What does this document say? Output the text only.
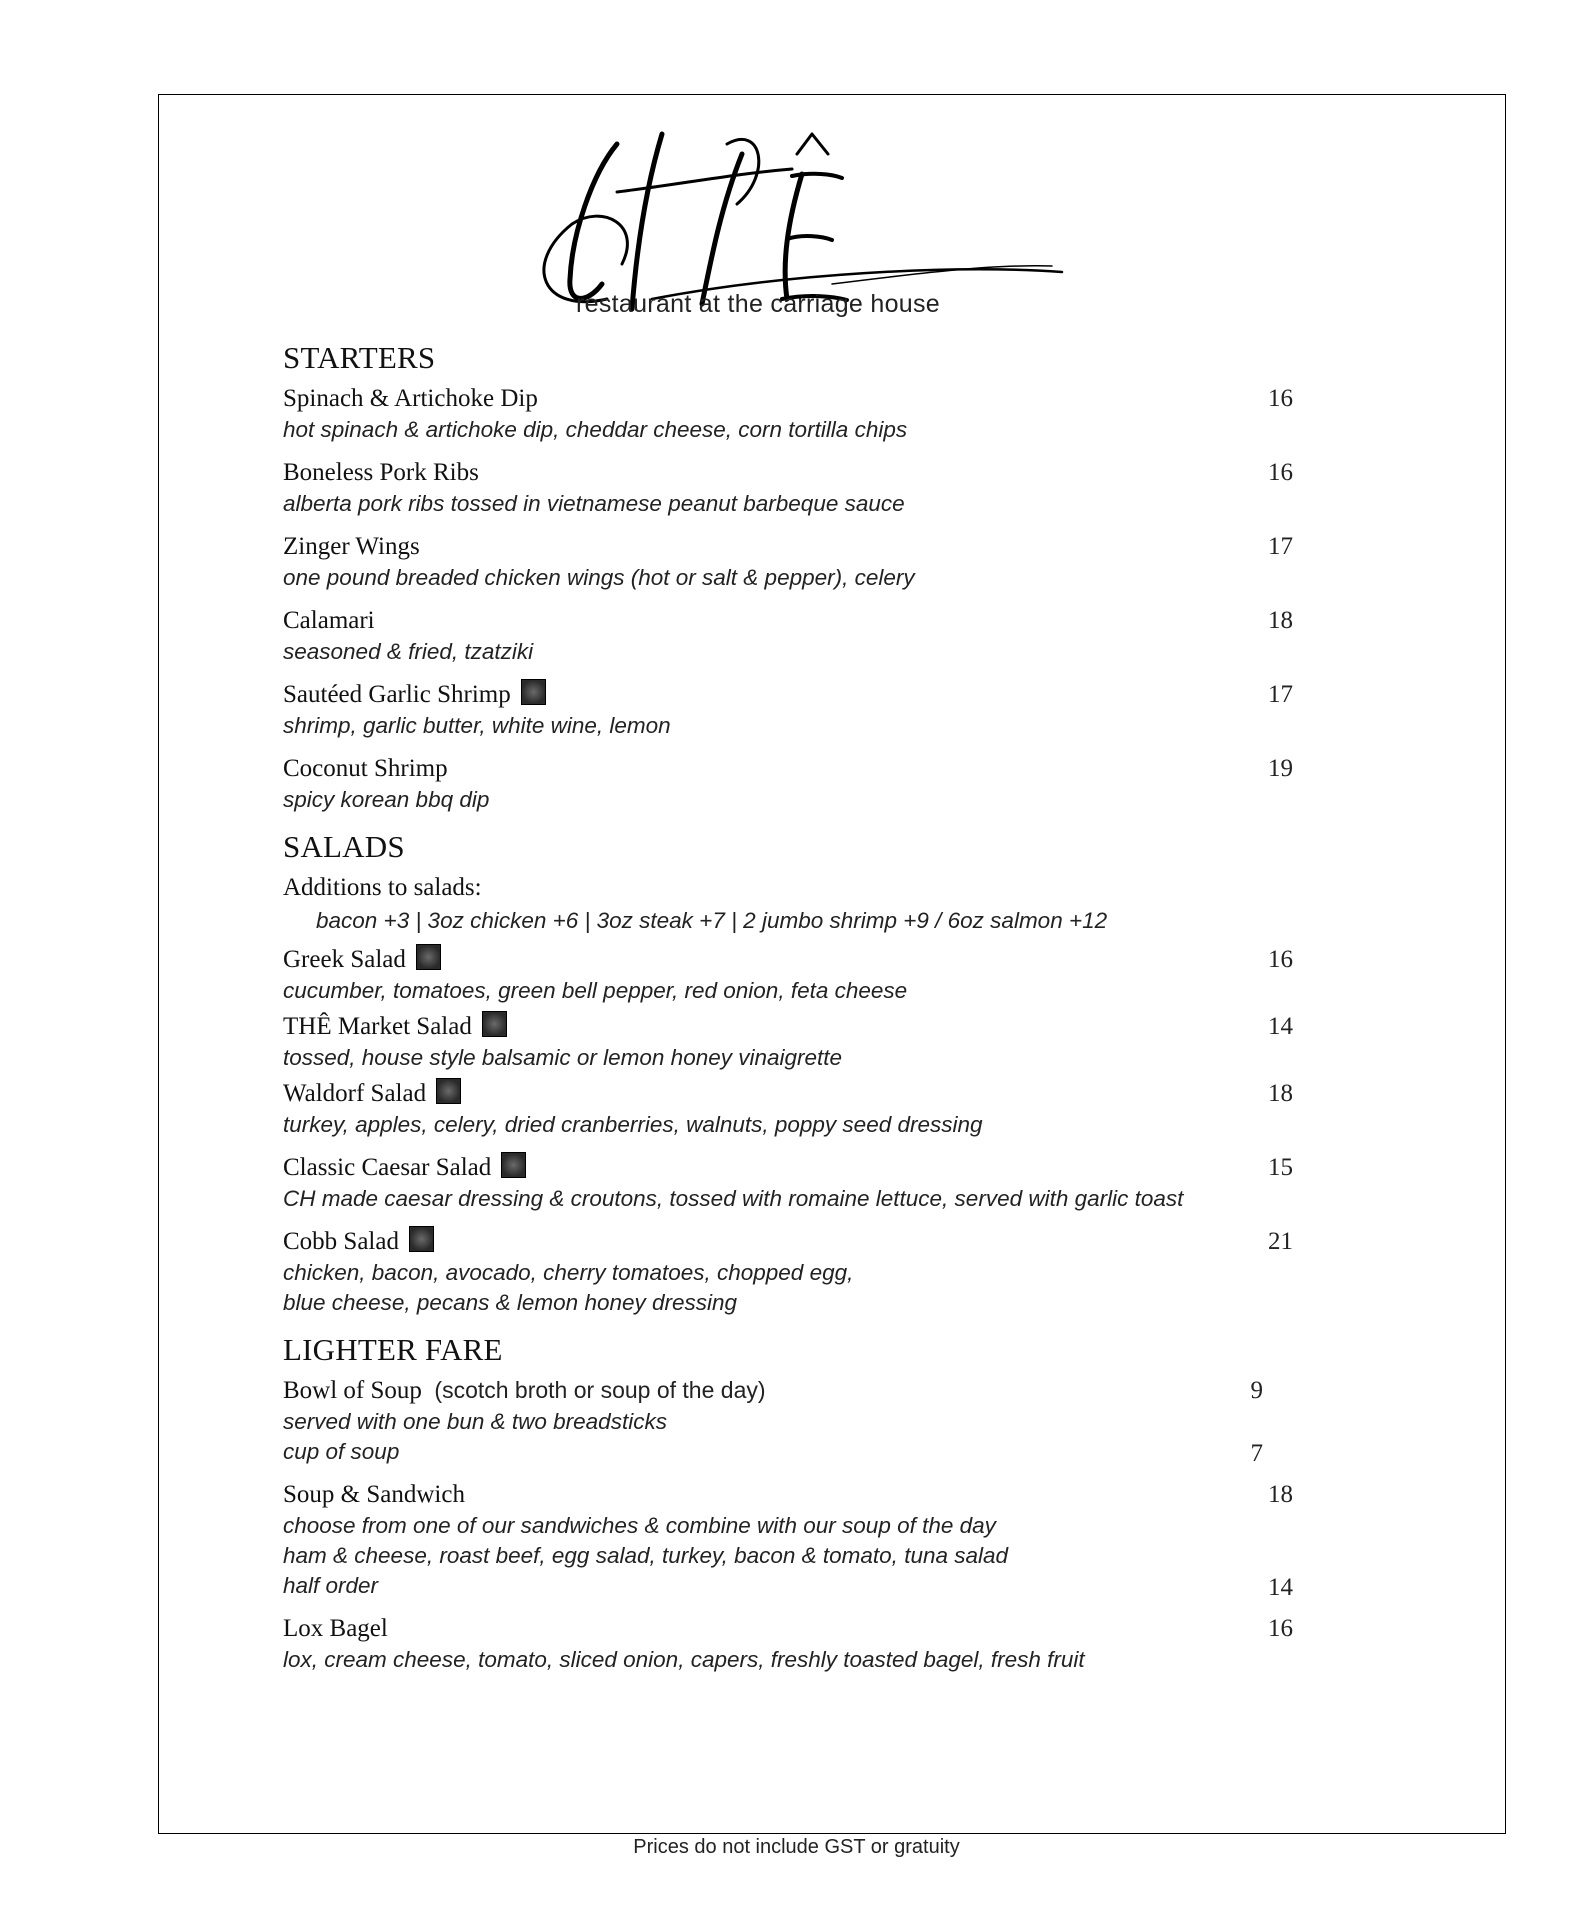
restaurant at the carriage house
STARTERS
Spinach & Artichoke Dip	16
hot spinach & artichoke dip, cheddar cheese, corn tortilla chips
Boneless Pork Ribs	16
alberta pork ribs tossed in vietnamese peanut barbeque sauce
Zinger Wings	17
one pound breaded chicken wings (hot or salt & pepper), celery
Calamari	18
seasoned & fried, tzatziki
Sautéed Garlic Shrimp	17
shrimp, garlic butter, white wine, lemon
Coconut Shrimp	19
spicy korean bbq dip
SALADS
Additions to salads:
bacon +3 | 3oz chicken +6 | 3oz steak +7 | 2 jumbo shrimp +9 / 6oz salmon +12
Greek Salad	16
cucumber, tomatoes, green bell pepper, red onion, feta cheese
THÊ Market Salad	14
tossed, house style balsamic or lemon honey vinaigrette
Waldorf Salad	18
turkey, apples, celery, dried cranberries, walnuts, poppy seed dressing
Classic Caesar Salad	15
CH made caesar dressing & croutons, tossed with romaine lettuce, served with garlic toast
Cobb Salad	21
chicken, bacon, avocado, cherry tomatoes, chopped egg,
blue cheese, pecans & lemon honey dressing
LIGHTER FARE
Bowl of Soup (scotch broth or soup of the day)	9
served with one bun & two breadsticks
cup of soup	7
Soup & Sandwich	18
choose from one of our sandwiches & combine with our soup of the day
ham & cheese, roast beef, egg salad, turkey, bacon & tomato, tuna salad
half order	14
Lox Bagel	16
lox, cream cheese, tomato, sliced onion, capers, freshly toasted bagel, fresh fruit
Prices do not include GST or gratuity
